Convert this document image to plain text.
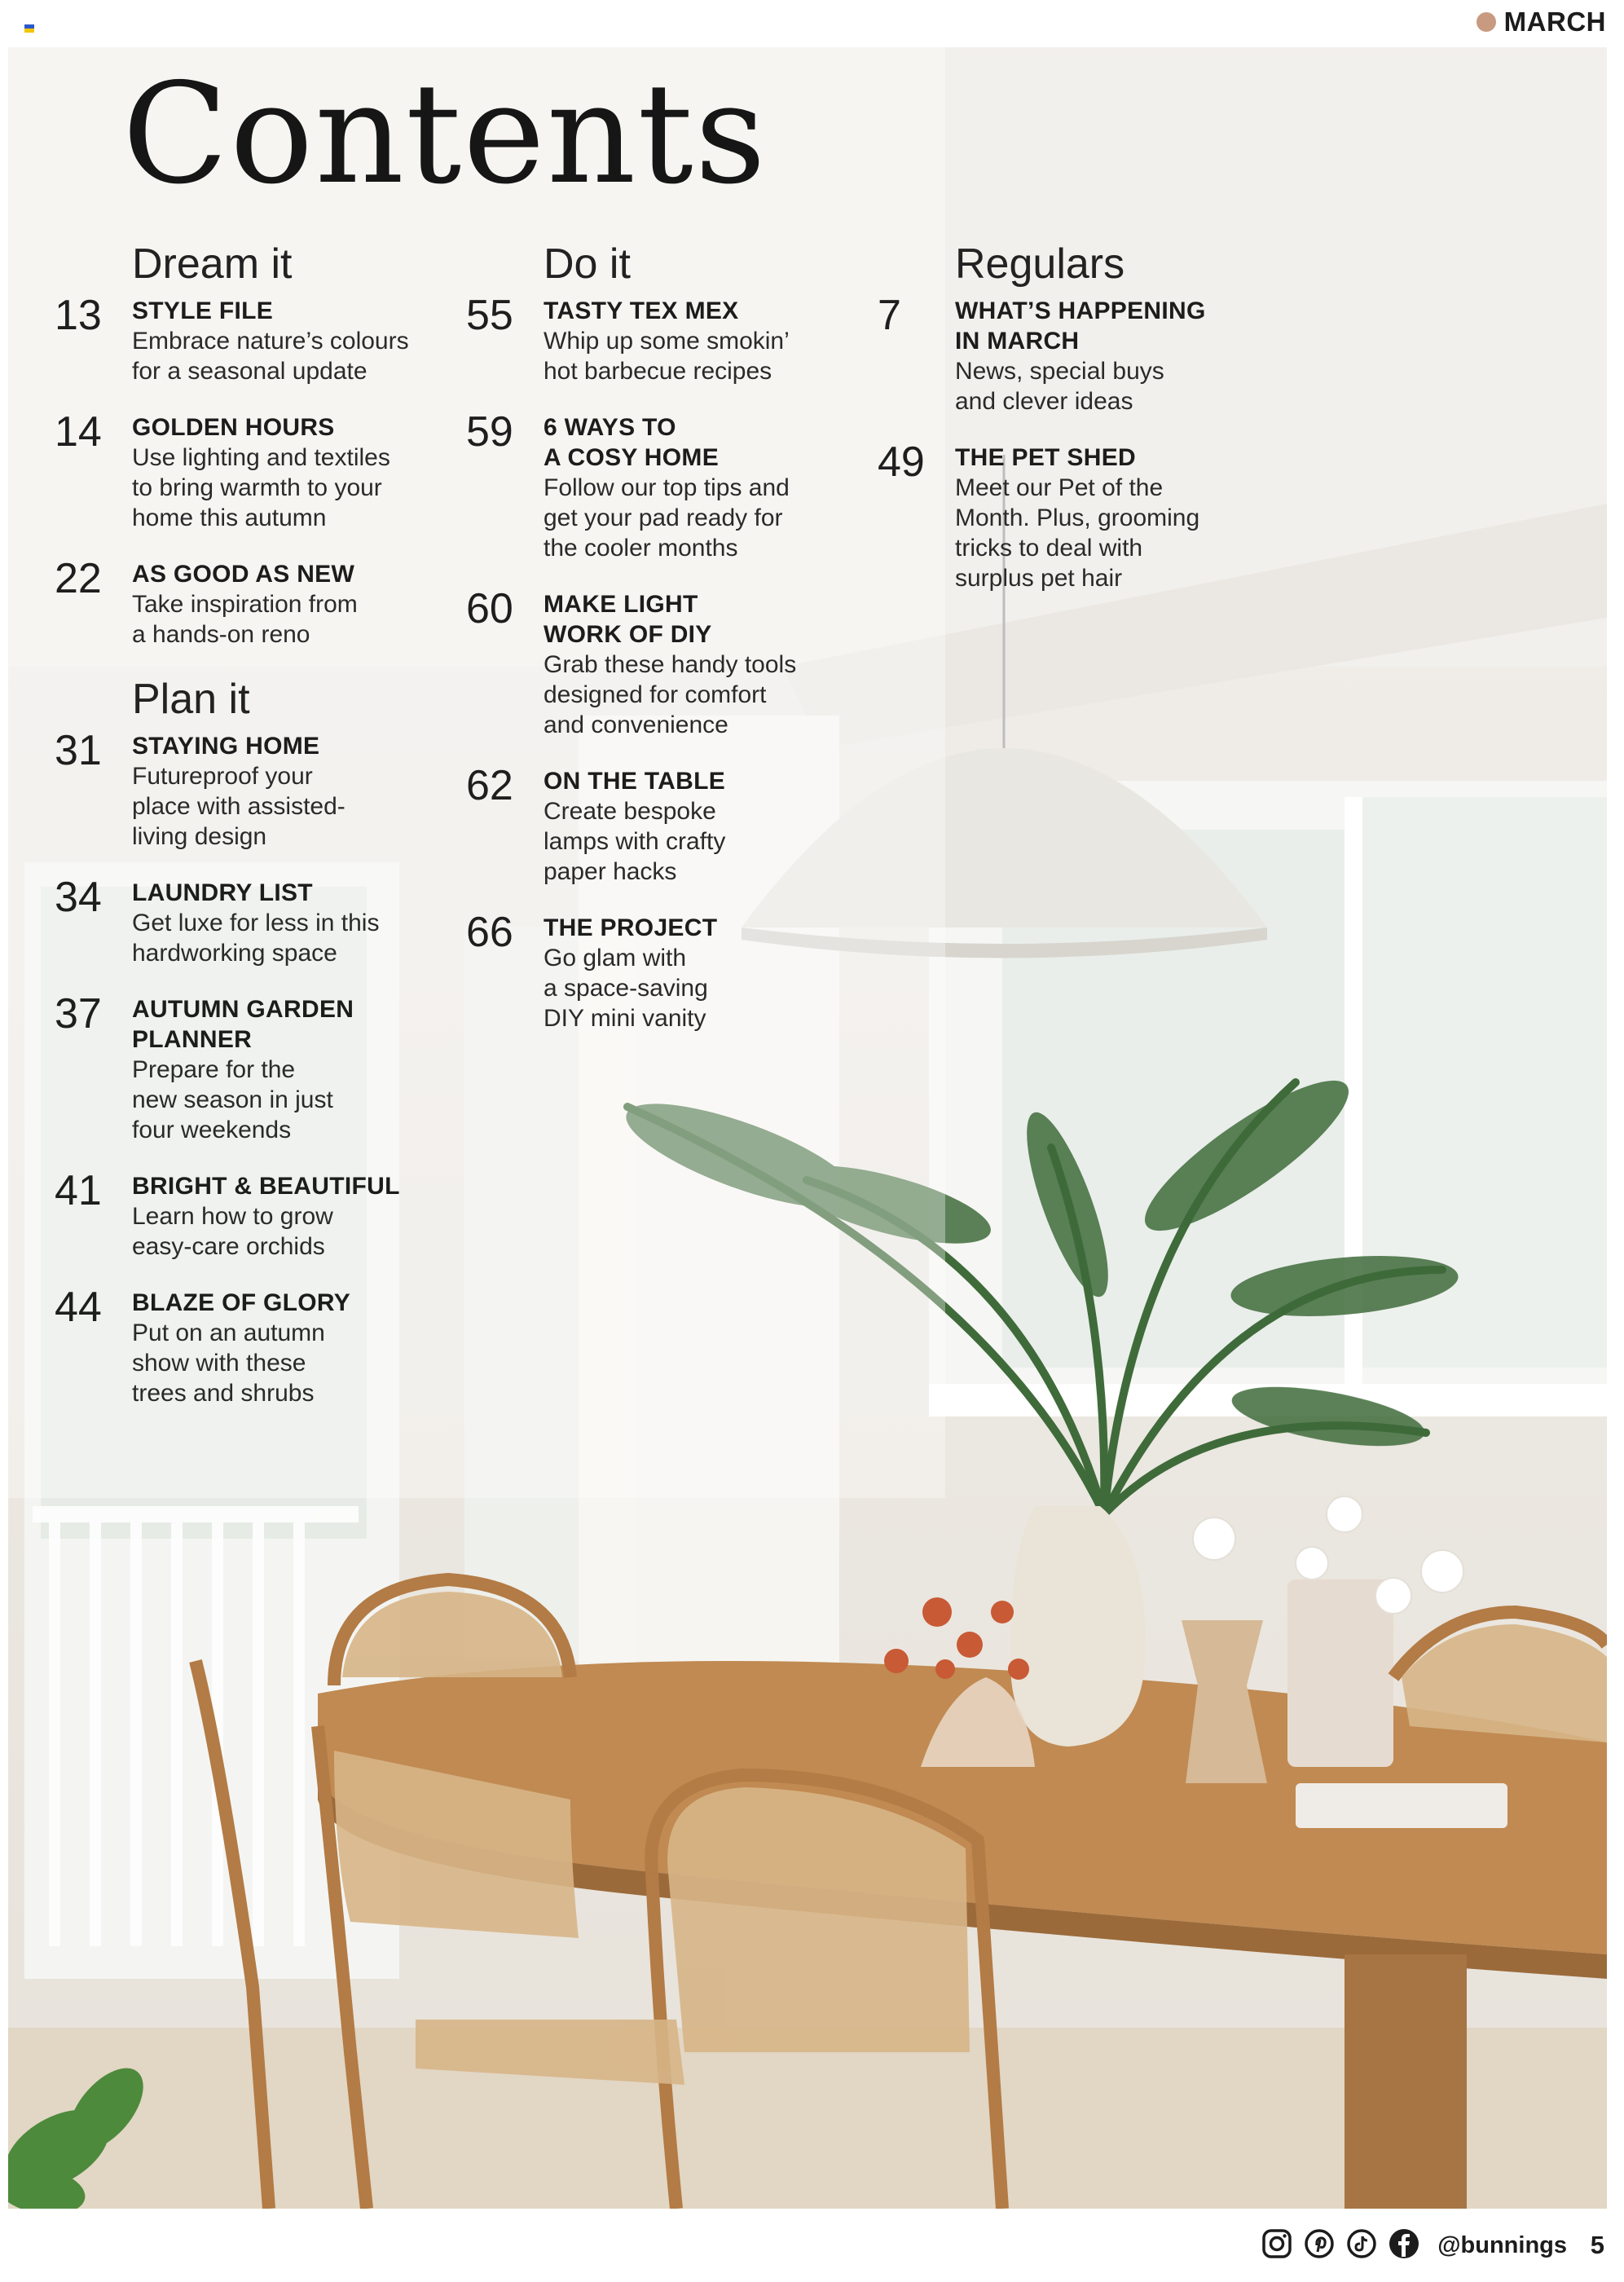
MARCH
Contents
Dream it
13 STYLE FILE
Embrace nature’s colours
for a seasonal update
14 GOLDEN HOURS
Use lighting and textiles
to bring warmth to your
home this autumn
22 AS GOOD AS NEW
Take inspiration from
a hands-on reno
Plan it
31 STAYING HOME
Futureproof your
place with assisted-
living design
34 LAUNDRY LIST
Get luxe for less in this
hardworking space
37 AUTUMN GARDEN
PLANNER
Prepare for the
new season in just
four weekends
41 BRIGHT & BEAUTIFUL
Learn how to grow
easy-care orchids
44 BLAZE OF GLORY
Put on an autumn
show with these
trees and shrubs
Do it
55 TASTY TEX MEX
Whip up some smokin’
hot barbecue recipes
59 6 WAYS TO
A COSY HOME
Follow our top tips and
get your pad ready for
the cooler months
60 MAKE LIGHT
WORK OF DIY
Grab these handy tools
designed for comfort
and convenience
62 ON THE TABLE
Create bespoke
lamps with crafty
paper hacks
66 THE PROJECT
Go glam with
a space-saving
DIY mini vanity
Regulars
7 WHAT’S HAPPENING
IN MARCH
News, special buys
and clever ideas
49 THE PET SHED
Meet our Pet of the
Month. Plus, grooming
tricks to deal with
surplus pet hair
@bunnings 5
